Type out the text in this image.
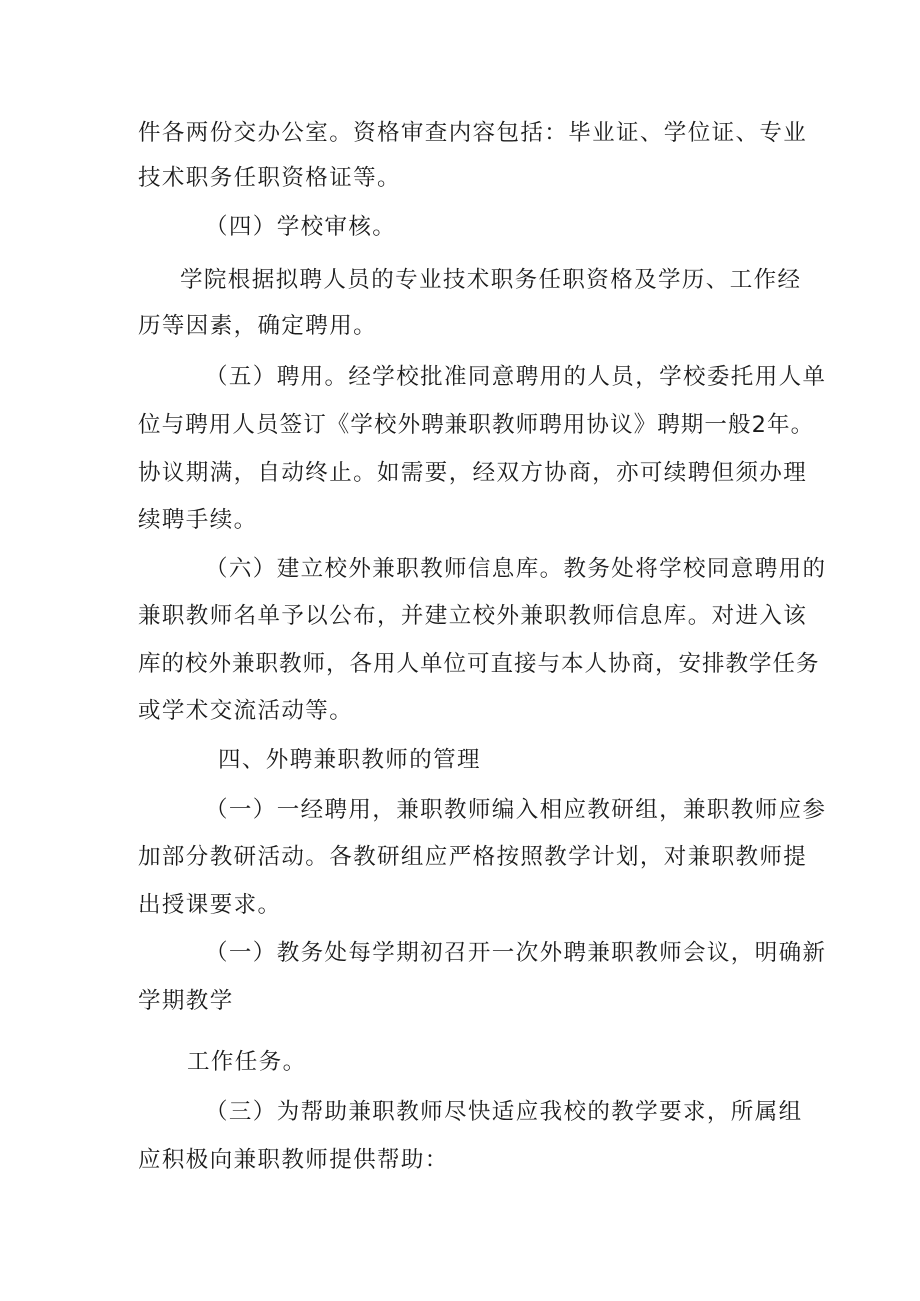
件各两份交办公室。资格审查内容包括：毕业证、学位证、专业
技术职务任职资格证等。
（四）学校审核。
学院根据拟聘人员的专业技术职务任职资格及学历、工作经
历等因素，确定聘用。
（五）聘用。经学校批准同意聘用的人员，学校委托用人单
位与聘用人员签订《学校外聘兼职教师聘用协议》聘期一般2年。
协议期满，自动终止。如需要，经双方协商，亦可续聘但须办理
续聘手续。
（六）建立校外兼职教师信息库。教务处将学校同意聘用的
兼职教师名单予以公布，并建立校外兼职教师信息库。对进入该
库的校外兼职教师，各用人单位可直接与本人协商，安排教学任务
或学术交流活动等。
四、外聘兼职教师的管理
（一）一经聘用，兼职教师编入相应教研组，兼职教师应参
加部分教研活动。各教研组应严格按照教学计划，对兼职教师提
出授课要求。
（一）教务处每学期初召开一次外聘兼职教师会议，明确新
学期教学
工作任务。
（三）为帮助兼职教师尽快适应我校的教学要求，所属组
应积极向兼职教师提供帮助：
